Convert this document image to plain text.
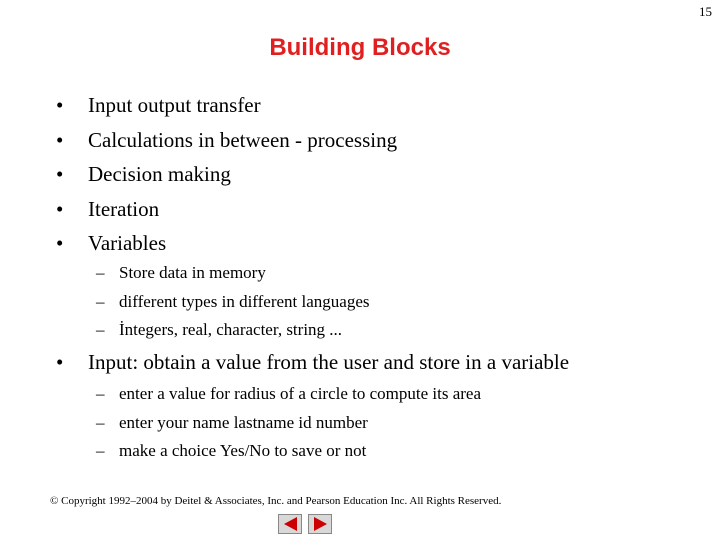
15
Building Blocks
• Input output transfer
• Calculations in between - processing
• Decision making
• Iteration
• Variables
– Store data in memory
– different types in different languages
– İntegers, real, character, string ...
• Input: obtain a value from the user and store in a variable
– enter a value for radius of a circle to compute its area
– enter your name lastname id number
– make a choice Yes/No to save or not
© Copyright 1992–2004 by Deitel & Associates, Inc. and Pearson Education Inc. All Rights Reserved.
